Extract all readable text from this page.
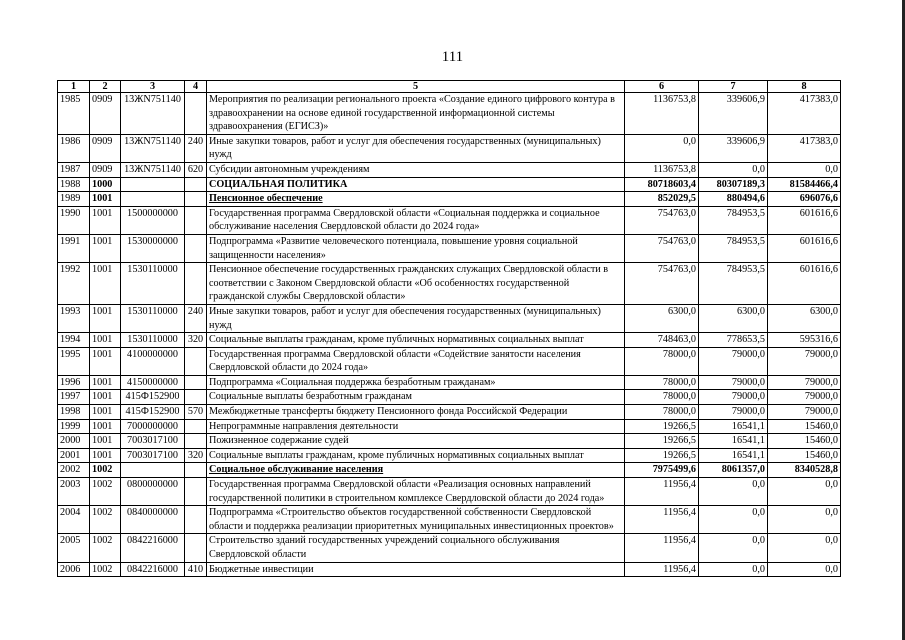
111
1	2	3	4	5	6	7	8
1985	0909	13ЖN751140		Мероприятия по реализации регионального проекта «Создание единого цифрового контура в здравоохранении на основе единой государственной информационной системы здравоохранения (ЕГИСЗ)»	1136753,8	339606,9	417383,0
1986	0909	13ЖN751140	240	Иные закупки товаров, работ и услуг для обеспечения государственных (муниципальных) нужд	0,0	339606,9	417383,0
1987	0909	13ЖN751140	620	Субсидии автономным учреждениям	1136753,8	0,0	0,0
1988	1000			СОЦИАЛЬНАЯ ПОЛИТИКА	80718603,4	80307189,3	81584466,4
1989	1001			Пенсионное обеспечение	852029,5	880494,6	696076,6
1990	1001	1500000000		Государственная программа Свердловской области «Социальная поддержка и социальное обслуживание населения Свердловской области до 2024 года»	754763,0	784953,5	601616,6
1991	1001	1530000000		Подпрограмма «Развитие человеческого потенциала, повышение уровня социальной защищенности населения»	754763,0	784953,5	601616,6
1992	1001	1530110000		Пенсионное обеспечение государственных гражданских служащих Свердловской области в соответствии с Законом Свердловской области «Об особенностях государственной гражданской службы Свердловской области»	754763,0	784953,5	601616,6
1993	1001	1530110000	240	Иные закупки товаров, работ и услуг для обеспечения государственных (муниципальных) нужд	6300,0	6300,0	6300,0
1994	1001	1530110000	320	Социальные выплаты гражданам, кроме публичных нормативных социальных выплат	748463,0	778653,5	595316,6
1995	1001	4100000000		Государственная программа Свердловской области «Содействие занятости населения Свердловской области до 2024 года»	78000,0	79000,0	79000,0
1996	1001	4150000000		Подпрограмма «Социальная поддержка безработным гражданам»	78000,0	79000,0	79000,0
1997	1001	415Ф152900		Социальные выплаты безработным гражданам	78000,0	79000,0	79000,0
1998	1001	415Ф152900	570	Межбюджетные трансферты бюджету Пенсионного фонда Российской Федерации	78000,0	79000,0	79000,0
1999	1001	7000000000		Непрограммные направления деятельности	19266,5	16541,1	15460,0
2000	1001	7003017100		Пожизненное содержание судей	19266,5	16541,1	15460,0
2001	1001	7003017100	320	Социальные выплаты гражданам, кроме публичных нормативных социальных выплат	19266,5	16541,1	15460,0
2002	1002			Социальное обслуживание населения	7975499,6	8061357,0	8340528,8
2003	1002	0800000000		Государственная программа Свердловской области «Реализация основных направлений государственной политики в строительном комплексе Свердловской области до 2024 года»	11956,4	0,0	0,0
2004	1002	0840000000		Подпрограмма «Строительство объектов государственной собственности Свердловской области и поддержка реализации приоритетных муниципальных инвестиционных проектов»	11956,4	0,0	0,0
2005	1002	0842216000		Строительство зданий государственных учреждений социального обслуживания Свердловской области	11956,4	0,0	0,0
2006	1002	0842216000	410	Бюджетные инвестиции	11956,4	0,0	0,0
